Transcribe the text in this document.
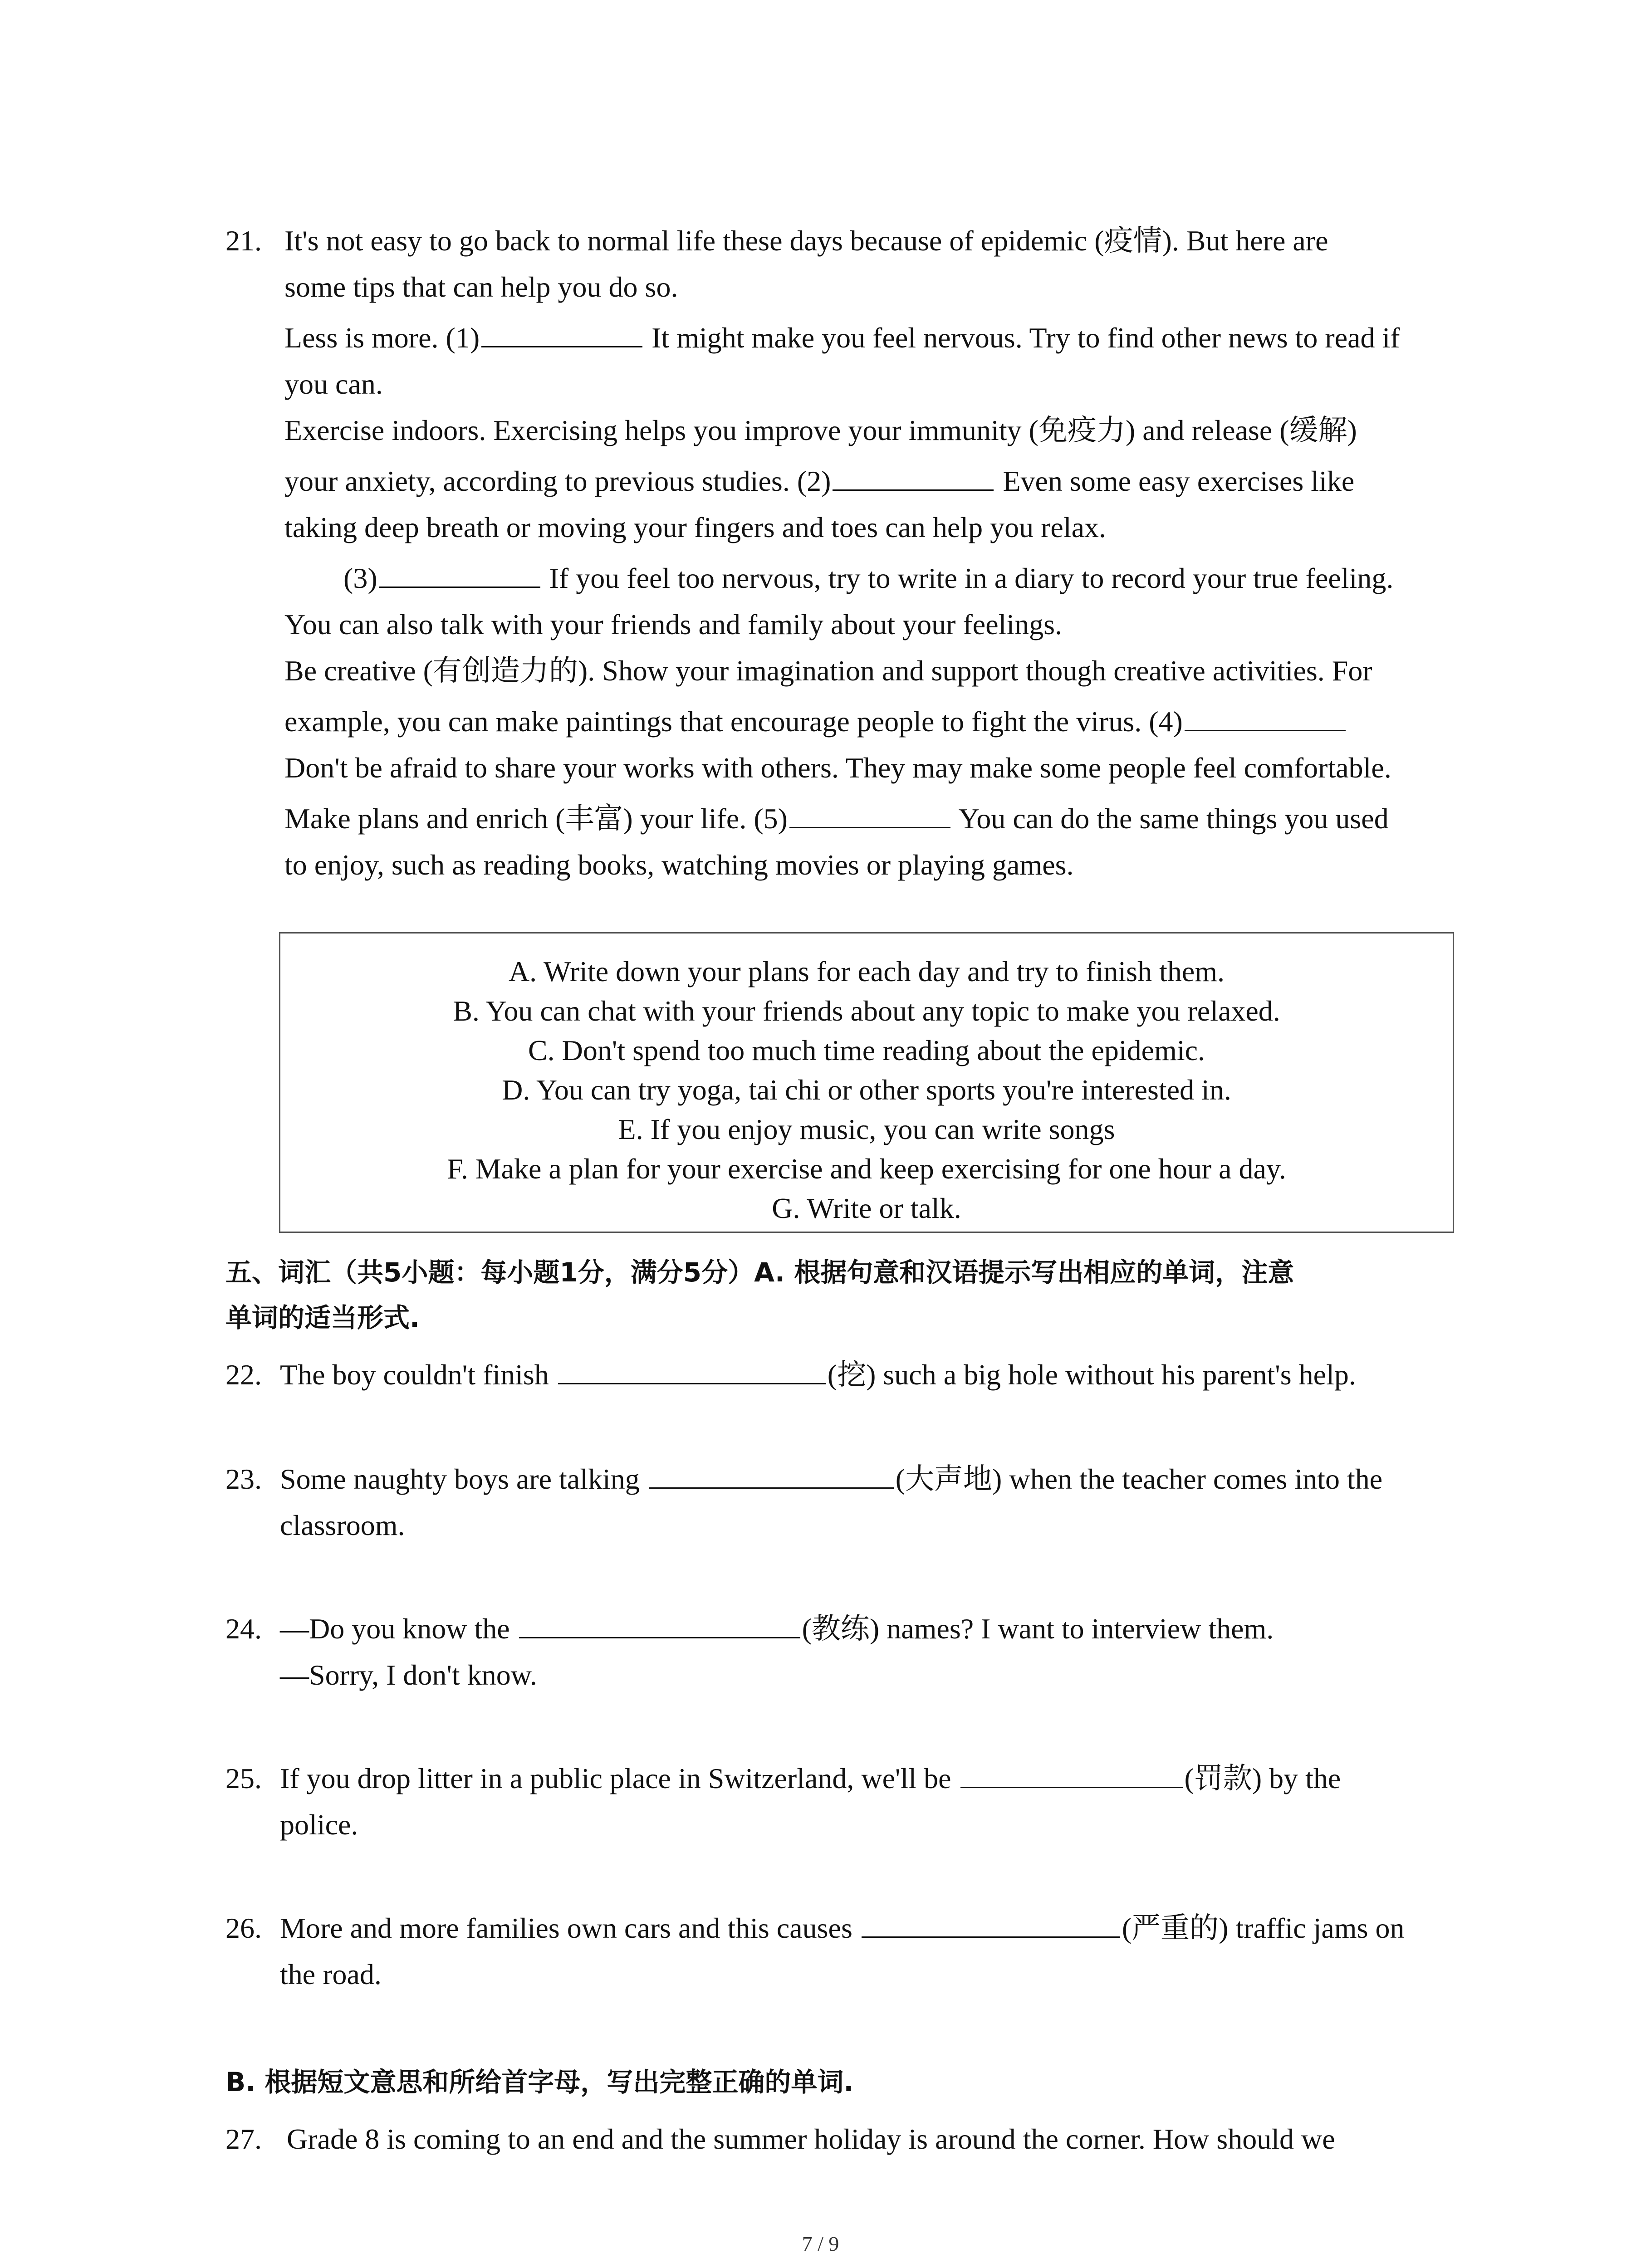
21. It's not easy to go back to normal life these days because of epidemic (疫情). But here are
some tips that can help you do so.
Less is more. (1)	It might make you feel nervous. Try to find other news to read if
you can.
Exercise indoors. Exercising helps you improve your immunity (免疫力) and release (缓解)
your anxiety, according to previous studies. (2)	Even some easy exercises like
taking deep breath or moving your fingers and toes can help you relax.
(3)	If you feel too nervous, try to write in a diary to record your true feeling.
You can also talk with your friends and family about your feelings.
Be creative (有创造力的). Show your imagination and support though creative activities. For
example, you can make paintings that encourage people to fight the virus. (4)
Don't be afraid to share your works with others. They may make some people feel comfortable.
Make plans and enrich (丰富) your life. (5)	You can do the same things you used
to enjoy, such as reading books, watching movies or playing games.
A. Write down your plans for each day and try to finish them.
B. You can chat with your friends about any topic to make you relaxed.
C. Don't spend too much time reading about the epidemic.
D. You can try yoga, tai chi or other sports you're interested in.
E. If you enjoy music, you can write songs
F. Make a plan for your exercise and keep exercising for one hour a day.
G. Write or talk.
五、词汇（共5小题：每小题1分，满分5分）A. 根据句意和汉语提示写出相应的单词，注意
单词的适当形式.
22. The boy couldn't finish	(挖) such a big hole without his parent's help.
23. Some naughty boys are talking	(大声地) when the teacher comes into the
classroom.
24. —Do you know the	(教练) names? I want to interview them.
—Sorry, I don't know.
25. If you drop litter in a public place in Switzerland, we'll be	(罚款) by the
police.
26. More and more families own cars and this causes	(严重的) traffic jams on
the road.
B. 根据短文意思和所给首字母，写出完整正确的单词.
27. Grade 8 is coming to an end and the summer holiday is around the corner. How should we
7 / 9
